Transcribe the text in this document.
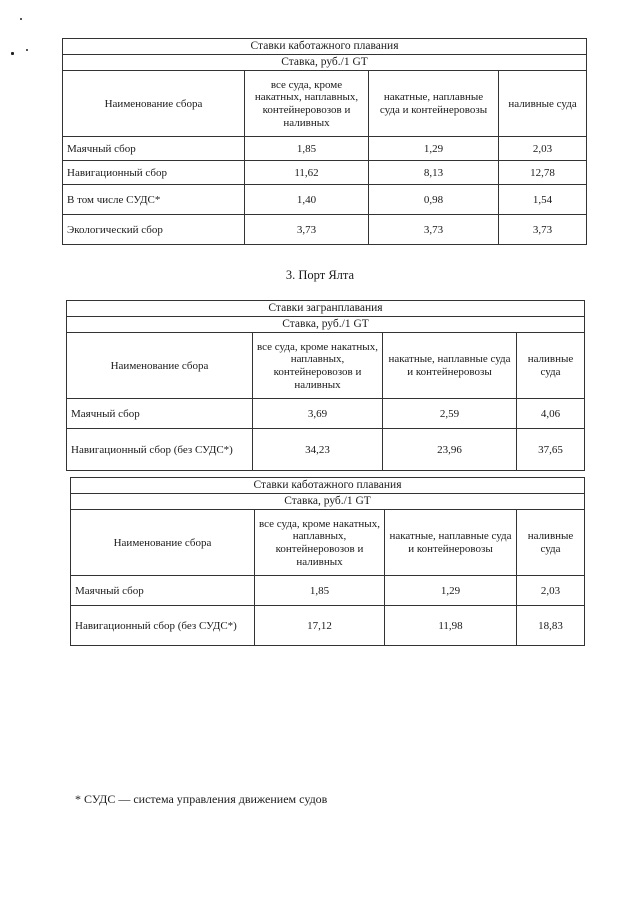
Ставки каботажного плавания			
Ставка, руб./1 GT			
Наименование сбора	все суда, кроме накатных, наплавных, контейнеровозов и наливных	накатные, наплавные суда и контейнеровозы	наливные суда
Маячный сбор	1,85	1,29	2,03
Навигационный сбор	11,62	8,13	12,78
В том числе СУДС*	1,40	0,98	1,54
Экологический сбор	3,73	3,73	3,73
3. Порт Ялта
Ставки загранплавания			
Ставка, руб./1 GT			
Наименование сбора	все суда, кроме накатных, наплавных, контейнеровозов и наливных	накатные, наплавные суда и контейнеровозы	наливные суда
Маячный сбор	3,69	2,59	4,06
Навигационный сбор (без СУДС*)	34,23	23,96	37,65
Ставки каботажного плавания			
Ставка, руб./1 GT			
Наименование сбора	все суда, кроме накатных, наплавных, контейнеровозов и наливных	накатные, наплавные суда и контейнеровозы	наливные суда
Маячный сбор	1,85	1,29	2,03
Навигационный сбор (без СУДС*)	17,12	11,98	18,83
* СУДС — система управления движением судов
